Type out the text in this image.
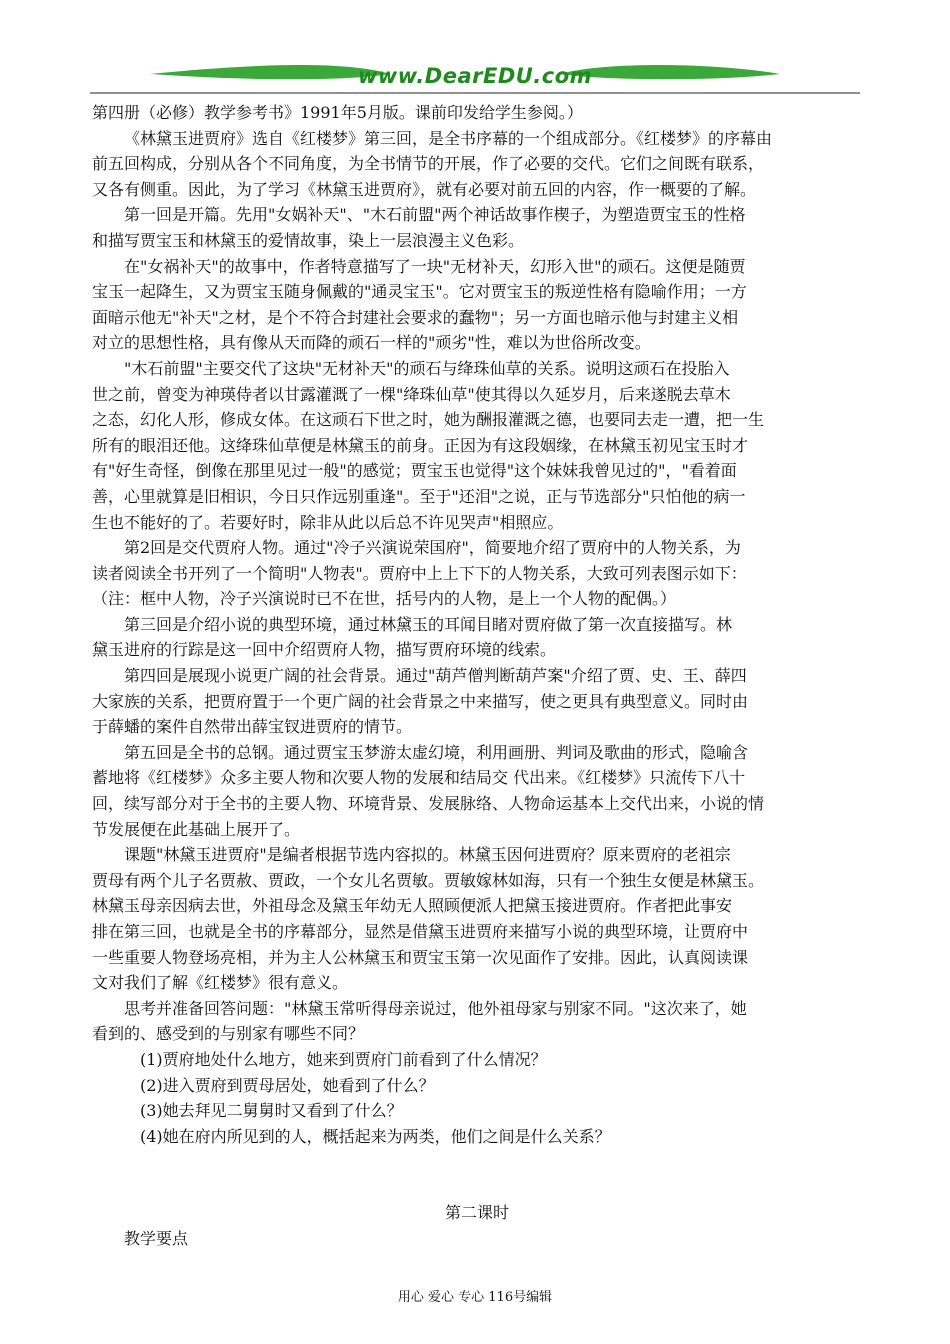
www.DearEDU.com
第四册（必修）教学参考书》1991年5月版。课前印发给学生参阅。）
《林黛玉进贾府》选自《红楼梦》第三回，是全书序幕的一个组成部分。《红楼梦》的序幕由
前五回构成，分别从各个不同角度，为全书情节的开展，作了必要的交代。它们之间既有联系，
又各有侧重。因此，为了学习《林黛玉进贾府》，就有必要对前五回的内容，作一概要的了解。
第一回是开篇。先用"女娲补天"、"木石前盟"两个神话故事作楔子，为塑造贾宝玉的性格
和描写贾宝玉和林黛玉的爱情故事，染上一层浪漫主义色彩。
在"女祸补天"的故事中，作者特意描写了一块"无材补天，幻形入世"的顽石。这便是随贾
宝玉一起降生，又为贾宝玉随身佩戴的"通灵宝玉"。它对贾宝玉的叛逆性格有隐喻作用；一方
面暗示他无"补天"之材，是个不符合封建社会要求的蠢物"；另一方面也暗示他与封建主义相
对立的思想性格，具有像从天而降的顽石一样的"顽劣"性，难以为世俗所改变。
"木石前盟"主要交代了这块"无材补天"的顽石与绛珠仙草的关系。说明这顽石在投胎入
世之前，曾变为神瑛侍者以甘露灌溉了一棵"绛珠仙草"使其得以久延岁月，后来遂脱去草木
之态，幻化人形，修成女体。在这顽石下世之时，她为酬报灌溉之德，也要同去走一遭，把一生
所有的眼泪还他。这绛珠仙草便是林黛玉的前身。正因为有这段姻缘，在林黛玉初见宝玉时才
有"好生奇怪，倒像在那里见过一般"的感觉；贾宝玉也觉得"这个妹妹我曾见过的"，"看着面
善，心里就算是旧相识，今日只作远别重逢"。至于"还泪"之说，正与节选部分"只怕他的病一
生也不能好的了。若要好时，除非从此以后总不许见哭声"相照应。
第2回是交代贾府人物。通过"冷子兴演说荣国府"，简要地介绍了贾府中的人物关系，为
读者阅读全书开列了一个简明"人物表"。贾府中上上下下的人物关系，大致可列表图示如下：
（注：框中人物，冷子兴演说时已不在世，括号内的人物，是上一个人物的配偶。）
第三回是介绍小说的典型环境，通过林黛玉的耳闻目睹对贾府做了第一次直接描写。林
黛玉进府的行踪是这一回中介绍贾府人物，描写贾府环境的线索。
第四回是展现小说更广阔的社会背景。通过"葫芦僧判断葫芦案"介绍了贾、史、王、薛四
大家族的关系，把贾府置于一个更广阔的社会背景之中来描写，使之更具有典型意义。同时由
于薛蟠的案件自然带出薛宝钗进贾府的情节。
第五回是全书的总钢。通过贾宝玉梦游太虚幻境，利用画册、判词及歌曲的形式，隐喻含
蓄地将《红楼梦》众多主要人物和次要人物的发展和结局交 代出来。《红楼梦》只流传下八十
回，续写部分对于全书的主要人物、环境背景、发展脉络、人物命运基本上交代出来，小说的情
节发展便在此基础上展开了。
课题"林黛玉进贾府"是编者根据节选内容拟的。林黛玉因何进贾府？原来贾府的老祖宗
贾母有两个儿子名贾赦、贾政，一个女儿名贾敏。贾敏嫁林如海，只有一个独生女便是林黛玉。
林黛玉母亲因病去世，外祖母念及黛玉年幼无人照顾便派人把黛玉接进贾府。作者把此事安
排在第三回，也就是全书的序幕部分，显然是借黛玉进贾府来描写小说的典型环境，让贾府中
一些重要人物登场亮相，并为主人公林黛玉和贾宝玉第一次见面作了安排。因此，认真阅读课
文对我们了解《红楼梦》很有意义。
思考并准备回答问题："林黛玉常听得母亲说过，他外祖母家与别家不同。"这次来了，她
看到的、感受到的与别家有哪些不同？
(1)贾府地处什么地方，她来到贾府门前看到了什么情况？
(2)进入贾府到贾母居处，她看到了什么？
(3)她去拜见二舅舅时又看到了什么？
(4)她在府内所见到的人，概括起来为两类，他们之间是什么关系？
第二课时
教学要点
用心 爱心 专心 116号编辑
